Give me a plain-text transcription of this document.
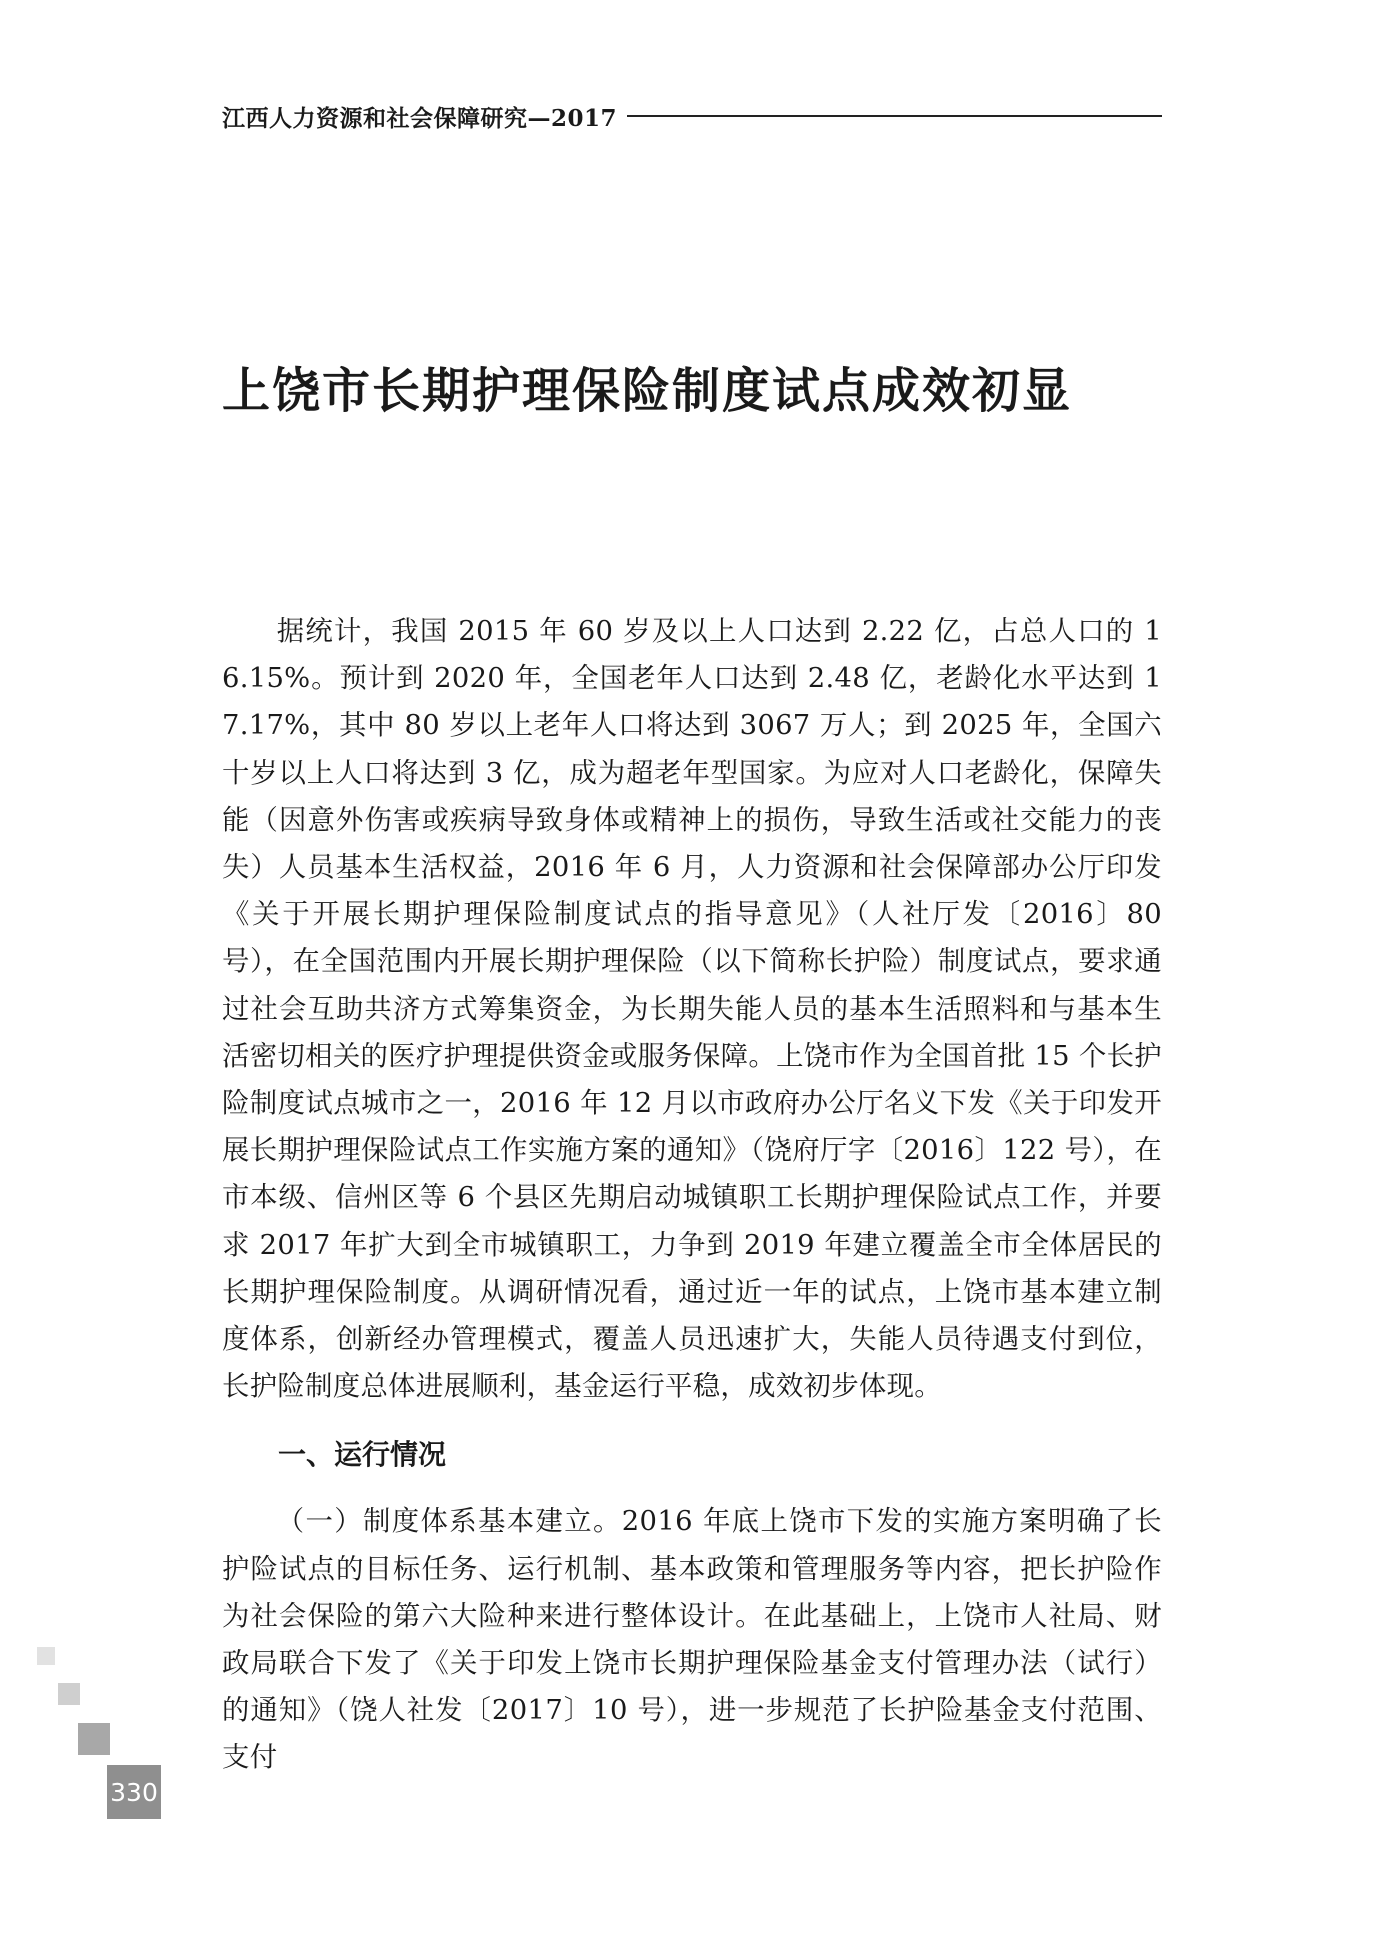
江西人力资源和社会保障研究—2017
上饶市长期护理保险制度试点成效初显

据统计，我国 2015 年 60 岁及以上人口达到 2.22 亿，占总人口的 16.15%。预计到 2020 年，全国老年人口达到 2.48 亿，老龄化水平达到 17.17%，其中 80 岁以上老年人口将达到 3067 万人；到 2025 年，全国六十岁以上人口将达到 3 亿，成为超老年型国家。为应对人口老龄化，保障失能（因意外伤害或疾病导致身体或精神上的损伤，导致生活或社交能力的丧失）人员基本生活权益，2016 年 6 月，人力资源和社会保障部办公厅印发《关于开展长期护理保险制度试点的指导意见》（人社厅发〔2016〕80 号），在全国范围内开展长期护理保险（以下简称长护险）制度试点，要求通过社会互助共济方式筹集资金，为长期失能人员的基本生活照料和与基本生活密切相关的医疗护理提供资金或服务保障。上饶市作为全国首批 15 个长护险制度试点城市之一，2016 年 12 月以市政府办公厅名义下发《关于印发开展长期护理保险试点工作实施方案的通知》（饶府厅字〔2016〕122 号），在市本级、信州区等 6 个县区先期启动城镇职工长期护理保险试点工作，并要求 2017 年扩大到全市城镇职工，力争到 2019 年建立覆盖全市全体居民的长期护理保险制度。从调研情况看，通过近一年的试点，上饶市基本建立制度体系，创新经办管理模式，覆盖人员迅速扩大，失能人员待遇支付到位，长护险制度总体进展顺利，基金运行平稳，成效初步体现。

一、运行情况

（一）制度体系基本建立。2016 年底上饶市下发的实施方案明确了长护险试点的目标任务、运行机制、基本政策和管理服务等内容，把长护险作为社会保险的第六大险种来进行整体设计。在此基础上，上饶市人社局、财政局联合下发了《关于印发上饶市长期护理保险基金支付管理办法（试行）的通知》（饶人社发〔2017〕10 号），进一步规范了长护险基金支付范围、支付

330
